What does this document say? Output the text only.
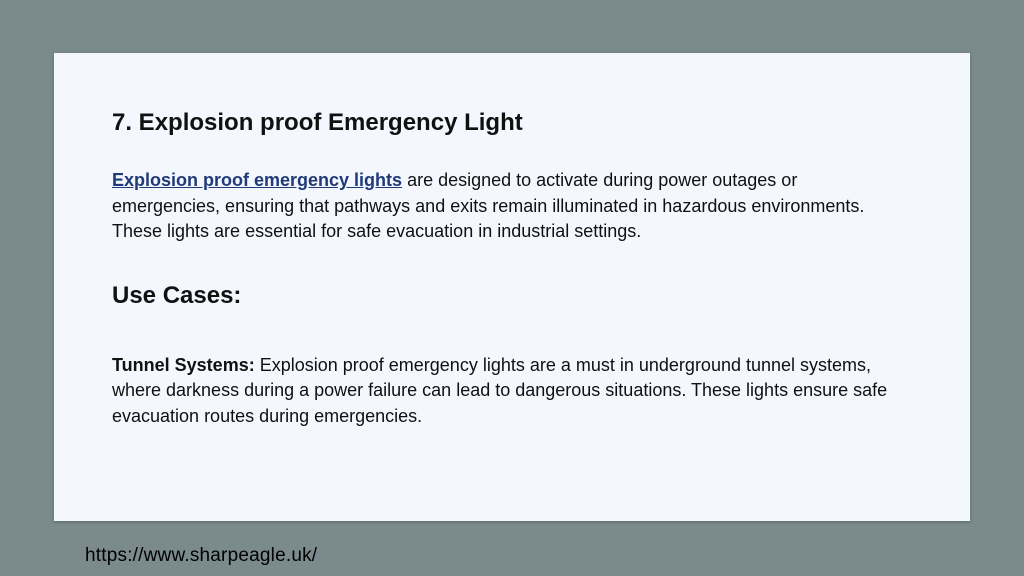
7. Explosion proof Emergency Light

Explosion proof emergency lights are designed to activate during power outages or emergencies, ensuring that pathways and exits remain illuminated in hazardous environments. These lights are essential for safe evacuation in industrial settings.

Use Cases:

Tunnel Systems: Explosion proof emergency lights are a must in underground tunnel systems, where darkness during a power failure can lead to dangerous situations. These lights ensure safe evacuation routes during emergencies.

https://www.sharpeagle.uk/
